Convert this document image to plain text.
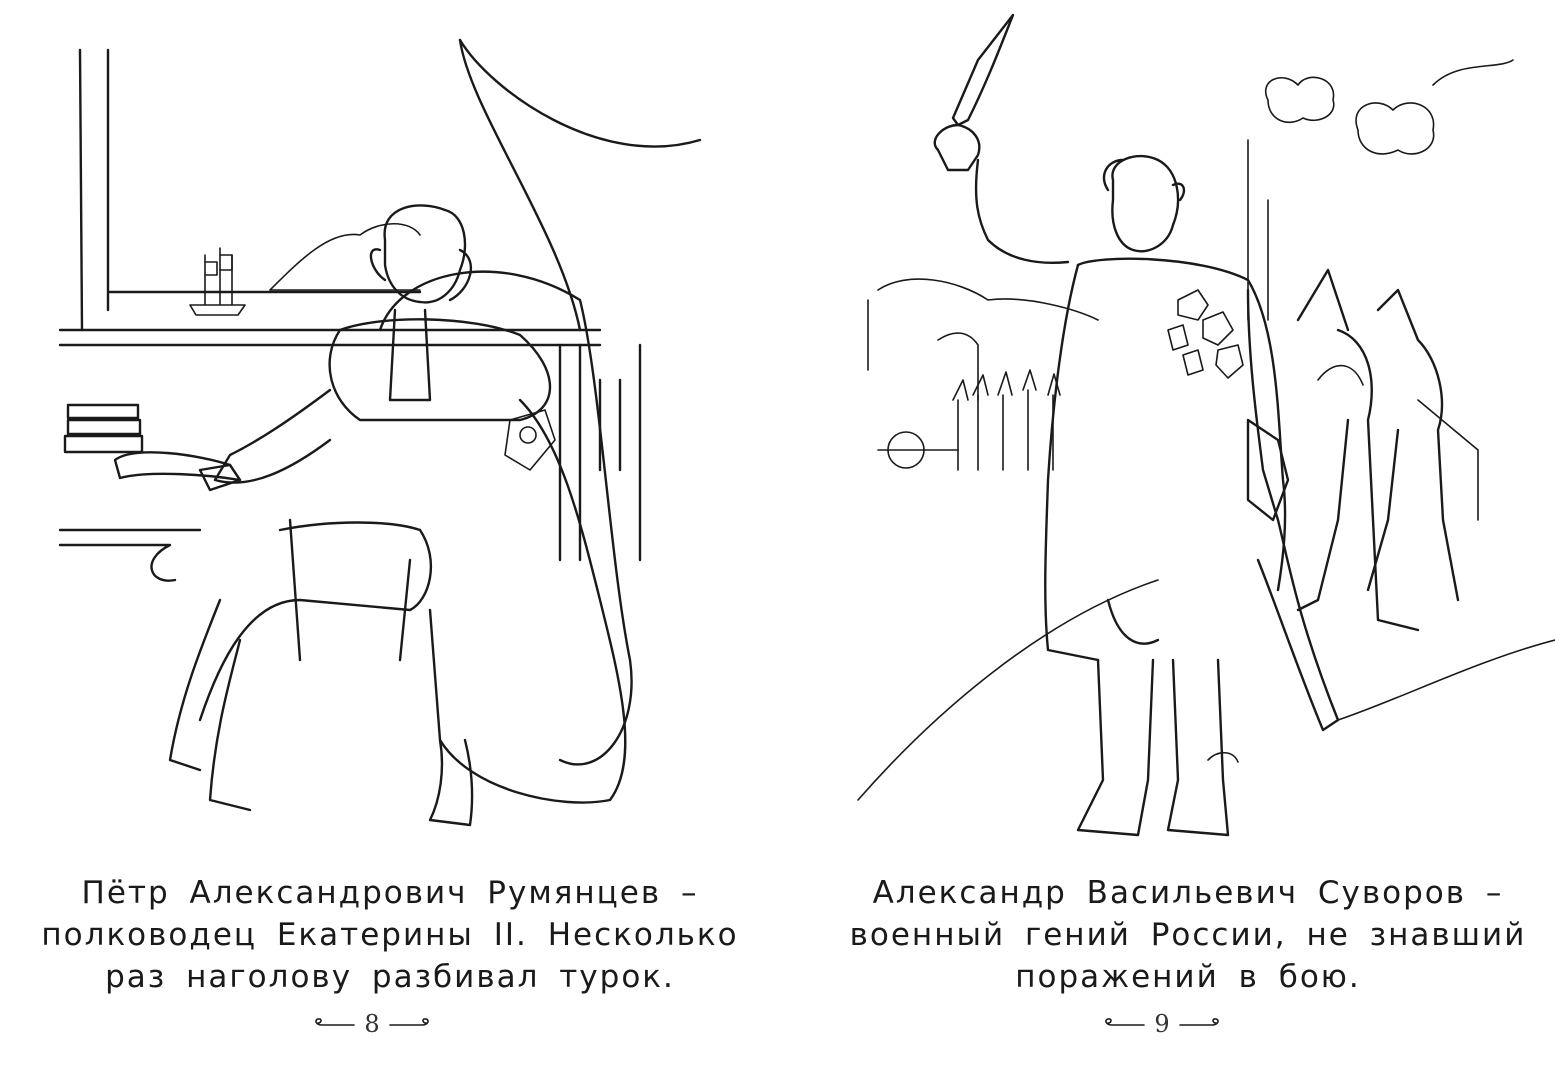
Пётр Александрович Румянцев –
полководец Екатерины II. Несколько
раз наголову разбивал турок.
8
Александр Васильевич Суворов –
военный гений России, не знавший
поражений в бою.
9
